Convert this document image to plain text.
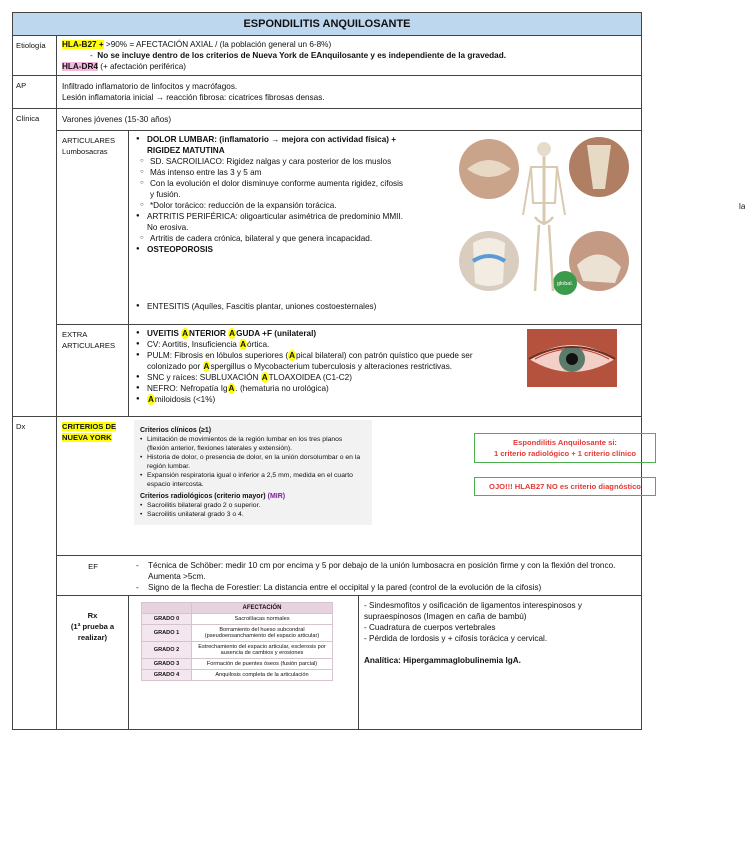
ESPONDILITIS ANQUILOSANTE
Etiología	HLA-B27 + >90% = AFECTACIÓN AXIAL / (la población general un 6-8%)
-  No se incluye dentro de los criterios de Nueva York de EAnquilosante y es independiente de la gravedad.
HLA-DR4 (+ afectación periférica)
AP	Infiltrado inflamatorio de linfocitos y macrófagos.
Lesión inflamatoria inicial → reacción fibrosa: cicatrices fibrosas densas.
Clínica	Varones jóvenes (15-30 años)
ARTICULARES Lumbosacras
● DOLOR LUMBAR: (inflamatorio → mejora con actividad física) + RIGIDEZ MATUTINA
○ SD. SACROILIACO: Rigidez nalgas y cara posterior de los muslos
○ Más intenso entre las 3 y 5 am
○ Con la evolución el dolor disminuye conforme aumenta rigidez, cifosis y fusión.
○ *Dolor torácico: reducción de la expansión torácica.
● ARTRITIS PERIFÉRICA: oligoarticular asimétrica de predominio MMII. No erosiva.
○ Artritis de cadera crónica, bilateral y que genera incapacidad.
● OSTEOPOROSIS
● ENTESITIS (Aquíles, Fascitis plantar, uniones costoesternales)
global.
la
EXTRA ARTICULARES
● UVEITIS ANTERIOR AGUDA +F (unilateral)
● CV: Aortitis, Insuficiencia Aórtica.
● PULM: Fibrosis en lóbulos superiores (Apical bilateral) con patrón quístico que puede ser colonizado por Aspergillus o Mycobacterium tuberculosis y alteraciones restrictivas.
● SNC y raíces: SUBLUXACIÓN ATLOAXOIDEA (C1-C2)
● NEFRO: Nefropatía IgA. (hematuria no urológica)
● Amiloidosis (<1%)
Dx	CRITERIOS DE NUEVA YORK
Criterios clínicos (≥1)
• Limitación de movimientos de la región lumbar en los tres planos (flexión anterior, flexiones laterales y extensión).
• Historia de dolor, o presencia de dolor, en la unión dorsolumbar o en la región lumbar.
• Expansión respiratoria igual o inferior a 2,5 mm, medida en el cuarto espacio intercosta.
Criterios radiológicos (criterio mayor) (MIR)
• Sacroilitis bilateral grado 2 o superior.
• Sacroilitis unilateral grado 3 o 4.
Espondilitis Anquilosante si:
1 criterio radiológico + 1 criterio clínico
OJO!!! HLAB27 NO es criterio diagnóstico
EF	- Técnica de Schöber: medir 10 cm por encima y 5 por debajo de la unión lumbosacra en posición firme y con la flexión del tronco. Aumenta >5cm.
- Signo de la flecha de Forestier: La distancia entre el occipital y la pared (control de la evolución de la cifosis)
Rx
(1ª prueba a realizar)
	AFECTACIÓN
GRADO 0	Sacroilíacas normales
GRADO 1	Borramiento del hueso subcondral (pseudoensanchamiento del espacio articular)
GRADO 2	Estrechamiento del espacio articular, esclerosis por ausencia de cambios y erosiones
GRADO 3	Formación de puentes óseos (fusión parcial)
GRADO 4	Anquilosis completa de la articulación
- Sindesmofitos y osificación de ligamentos interespinosos y supraespinosos (Imagen en caña de bambú)
- Cuadratura de cuerpos vertebrales
- Pérdida de lordosis y + cifosis torácica y cervical.
Analítica: Hipergammaglobulinemia IgA.
